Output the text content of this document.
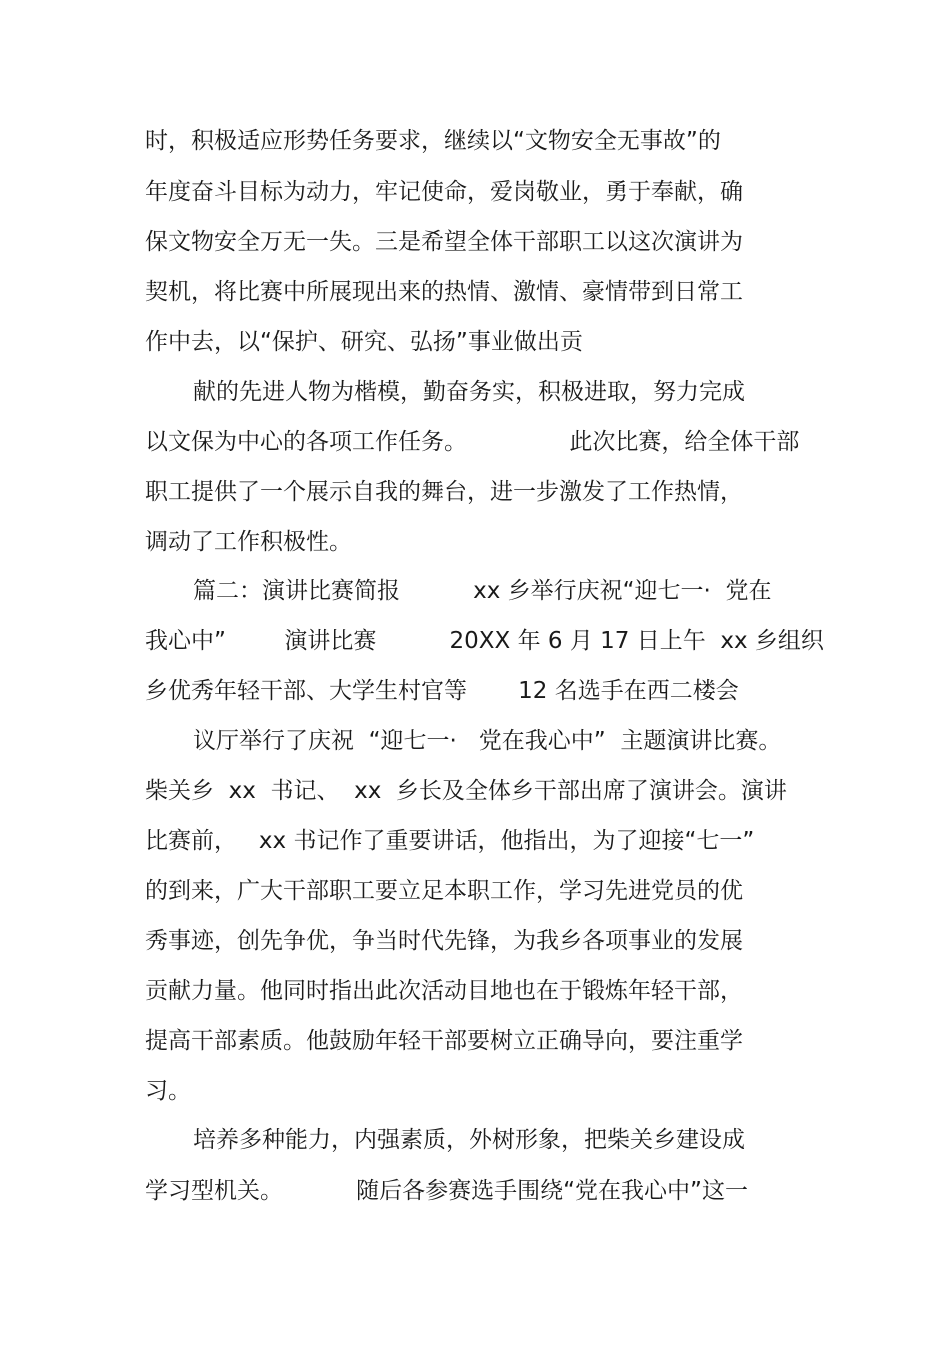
时，积极适应形势任务要求，继续以“文物安全无事故”的
年度奋斗目标为动力，牢记使命，爱岗敬业，勇于奉献，确
保文物安全万无一失。三是希望全体干部职工以这次演讲为
契机，将比赛中所展现出来的热情、激情、豪情带到日常工
作中去，以“保护、研究、弘扬”事业做出贡
献的先进人物为楷模，勤奋务实，积极进取，努力完成
以文保为中心的各项工作任务。              此次比赛，给全体干部
职工提供了一个展示自我的舞台，进一步激发了工作热情，
调动了工作积极性。
篇二：演讲比赛简报          xx 乡举行庆祝“迎七一·  党在
我心中”        演讲比赛          20XX 年 6 月 17 日上午  xx 乡组织
乡优秀年轻干部、大学生村官等       12 名选手在西二楼会
议厅举行了庆祝  “迎七一·   党在我心中”  主题演讲比赛。
柴关乡  xx  书记、  xx  乡长及全体乡干部出席了演讲会。演讲
比赛前，   xx 书记作了重要讲话，他指出，为了迎接“七一”
的到来，广大干部职工要立足本职工作，学习先进党员的优
秀事迹，创先争优，争当时代先锋，为我乡各项事业的发展
贡献力量。他同时指出此次活动目地也在于锻炼年轻干部，
提高干部素质。他鼓励年轻干部要树立正确导向，要注重学
习。
培养多种能力，内强素质，外树形象，把柴关乡建设成
学习型机关。          随后各参赛选手围绕“党在我心中”这一
